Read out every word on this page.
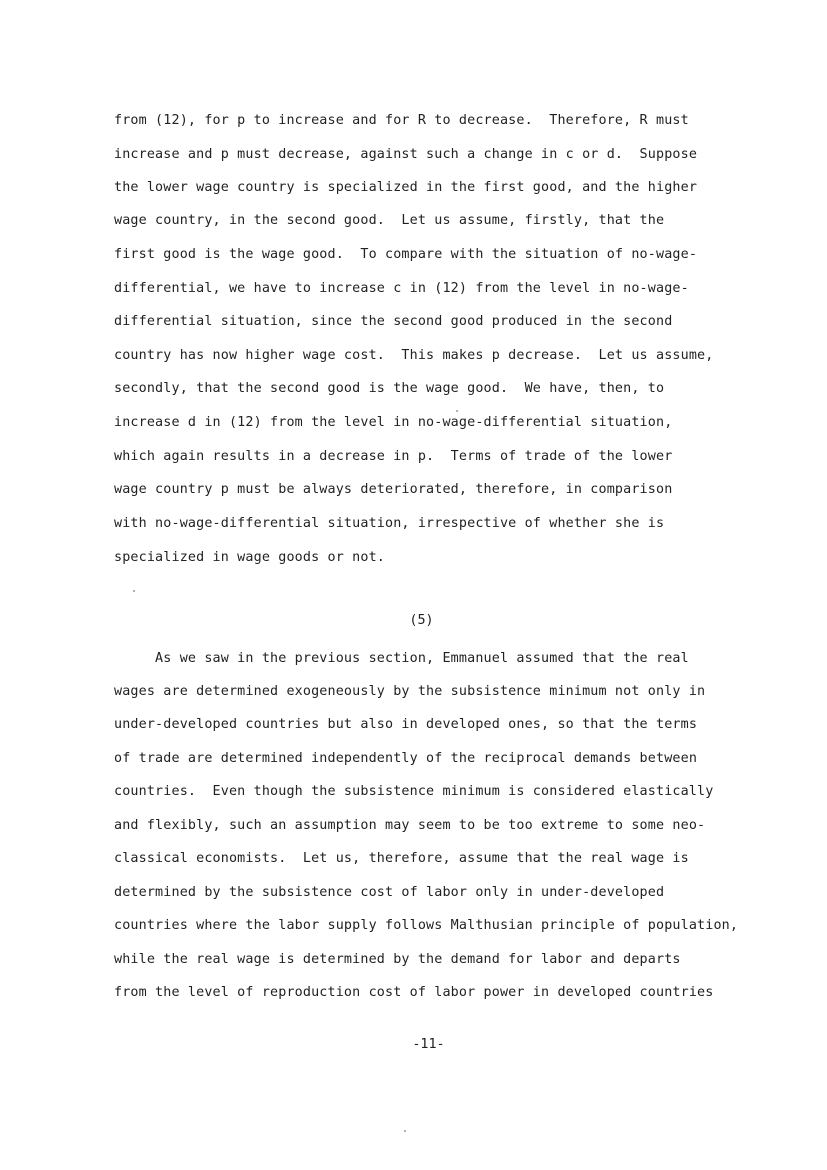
from (12), for p to increase and for R to decrease.  Therefore, R must
increase and p must decrease, against such a change in c or d.  Suppose
the lower wage country is specialized in the first good, and the higher
wage country, in the second good.  Let us assume, firstly, that the
first good is the wage good.  To compare with the situation of no-wage-
differential, we have to increase c in (12) from the level in no-wage-
differential situation, since the second good produced in the second
country has now higher wage cost.  This makes p decrease.  Let us assume,
secondly, that the second good is the wage good.  We have, then, to
increase d in (12) from the level in no-wage-differential situation,
which again results in a decrease in p.  Terms of trade of the lower
wage country p must be always deteriorated, therefore, in comparison
with no-wage-differential situation, irrespective of whether she is
specialized in wage goods or not.
(5)
As we saw in the previous section, Emmanuel assumed that the real
wages are determined exogeneously by the subsistence minimum not only in
under-developed countries but also in developed ones, so that the terms
of trade are determined independently of the reciprocal demands between
countries.  Even though the subsistence minimum is considered elastically
and flexibly, such an assumption may seem to be too extreme to some neo-
classical economists.  Let us, therefore, assume that the real wage is
determined by the subsistence cost of labor only in under-developed
countries where the labor supply follows Malthusian principle of population,
while the real wage is determined by the demand for labor and departs
from the level of reproduction cost of labor power in developed countries
-11-
